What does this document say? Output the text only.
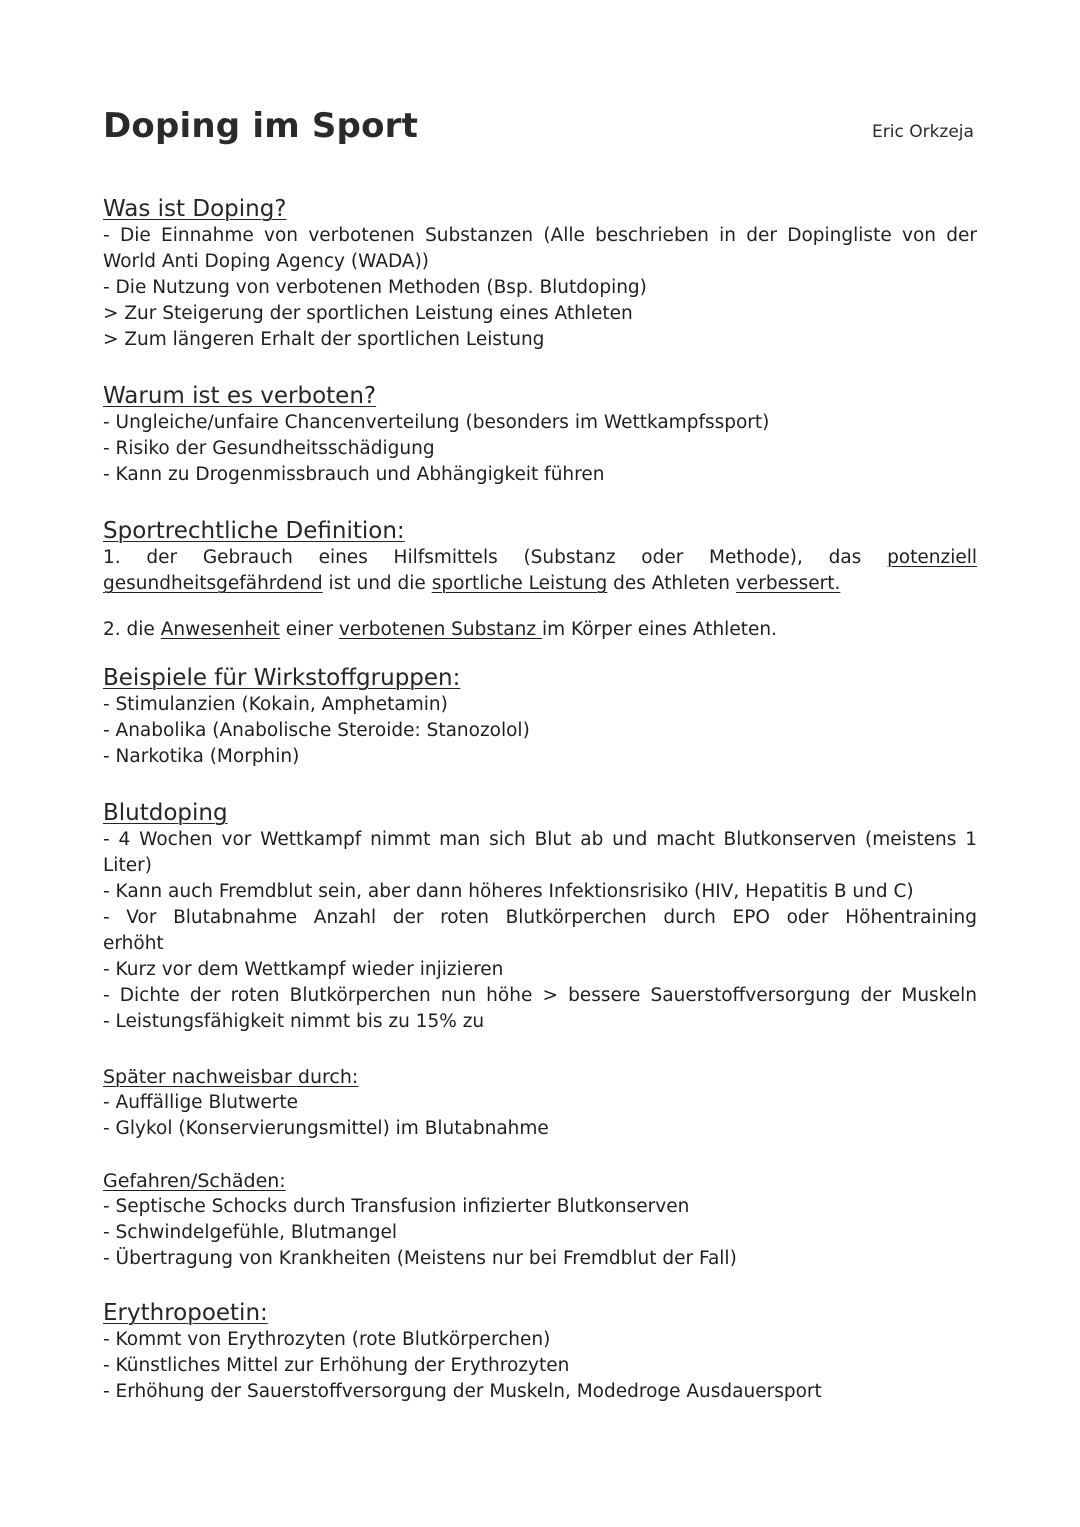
Doping im Sport	Eric Orkzeja
Was ist Doping?
- Die Einnahme von verbotenen Substanzen (Alle beschrieben in der Dopingliste von der
World Anti Doping Agency (WADA))
- Die Nutzung von verbotenen Methoden (Bsp. Blutdoping)
> Zur Steigerung der sportlichen Leistung eines Athleten
> Zum längeren Erhalt der sportlichen Leistung
Warum ist es verboten?
- Ungleiche/unfaire Chancenverteilung (besonders im Wettkampfssport)
- Risiko der Gesundheitsschädigung
- Kann zu Drogenmissbrauch und Abhängigkeit führen
Sportrechtliche Definition:
1. der Gebrauch eines Hilfsmittels (Substanz oder Methode), das potenziell
gesundheitsgefährdend ist und die sportliche Leistung des Athleten verbessert.
2. die Anwesenheit einer verbotenen Substanz im Körper eines Athleten.
Beispiele für Wirkstoffgruppen:
- Stimulanzien (Kokain, Amphetamin)
- Anabolika (Anabolische Steroide: Stanozolol)
- Narkotika (Morphin)
Blutdoping
- 4 Wochen vor Wettkampf nimmt man sich Blut ab und macht Blutkonserven (meistens 1
Liter)
- Kann auch Fremdblut sein, aber dann höheres Infektionsrisiko (HIV, Hepatitis B und C)
- Vor Blutabnahme Anzahl der roten Blutkörperchen durch EPO oder Höhentraining
erhöht
- Kurz vor dem Wettkampf wieder injizieren
- Dichte der roten Blutkörperchen nun höhe > bessere Sauerstoffversorgung der Muskeln
- Leistungsfähigkeit nimmt bis zu 15% zu
Später nachweisbar durch:
- Auffällige Blutwerte
- Glykol (Konservierungsmittel) im Blutabnahme
Gefahren/Schäden:
- Septische Schocks durch Transfusion infizierter Blutkonserven
- Schwindelgefühle, Blutmangel
- Übertragung von Krankheiten (Meistens nur bei Fremdblut der Fall)
Erythropoetin:
- Kommt von Erythrozyten (rote Blutkörperchen)
- Künstliches Mittel zur Erhöhung der Erythrozyten
- Erhöhung der Sauerstoffversorgung der Muskeln, Modedroge Ausdauersport
